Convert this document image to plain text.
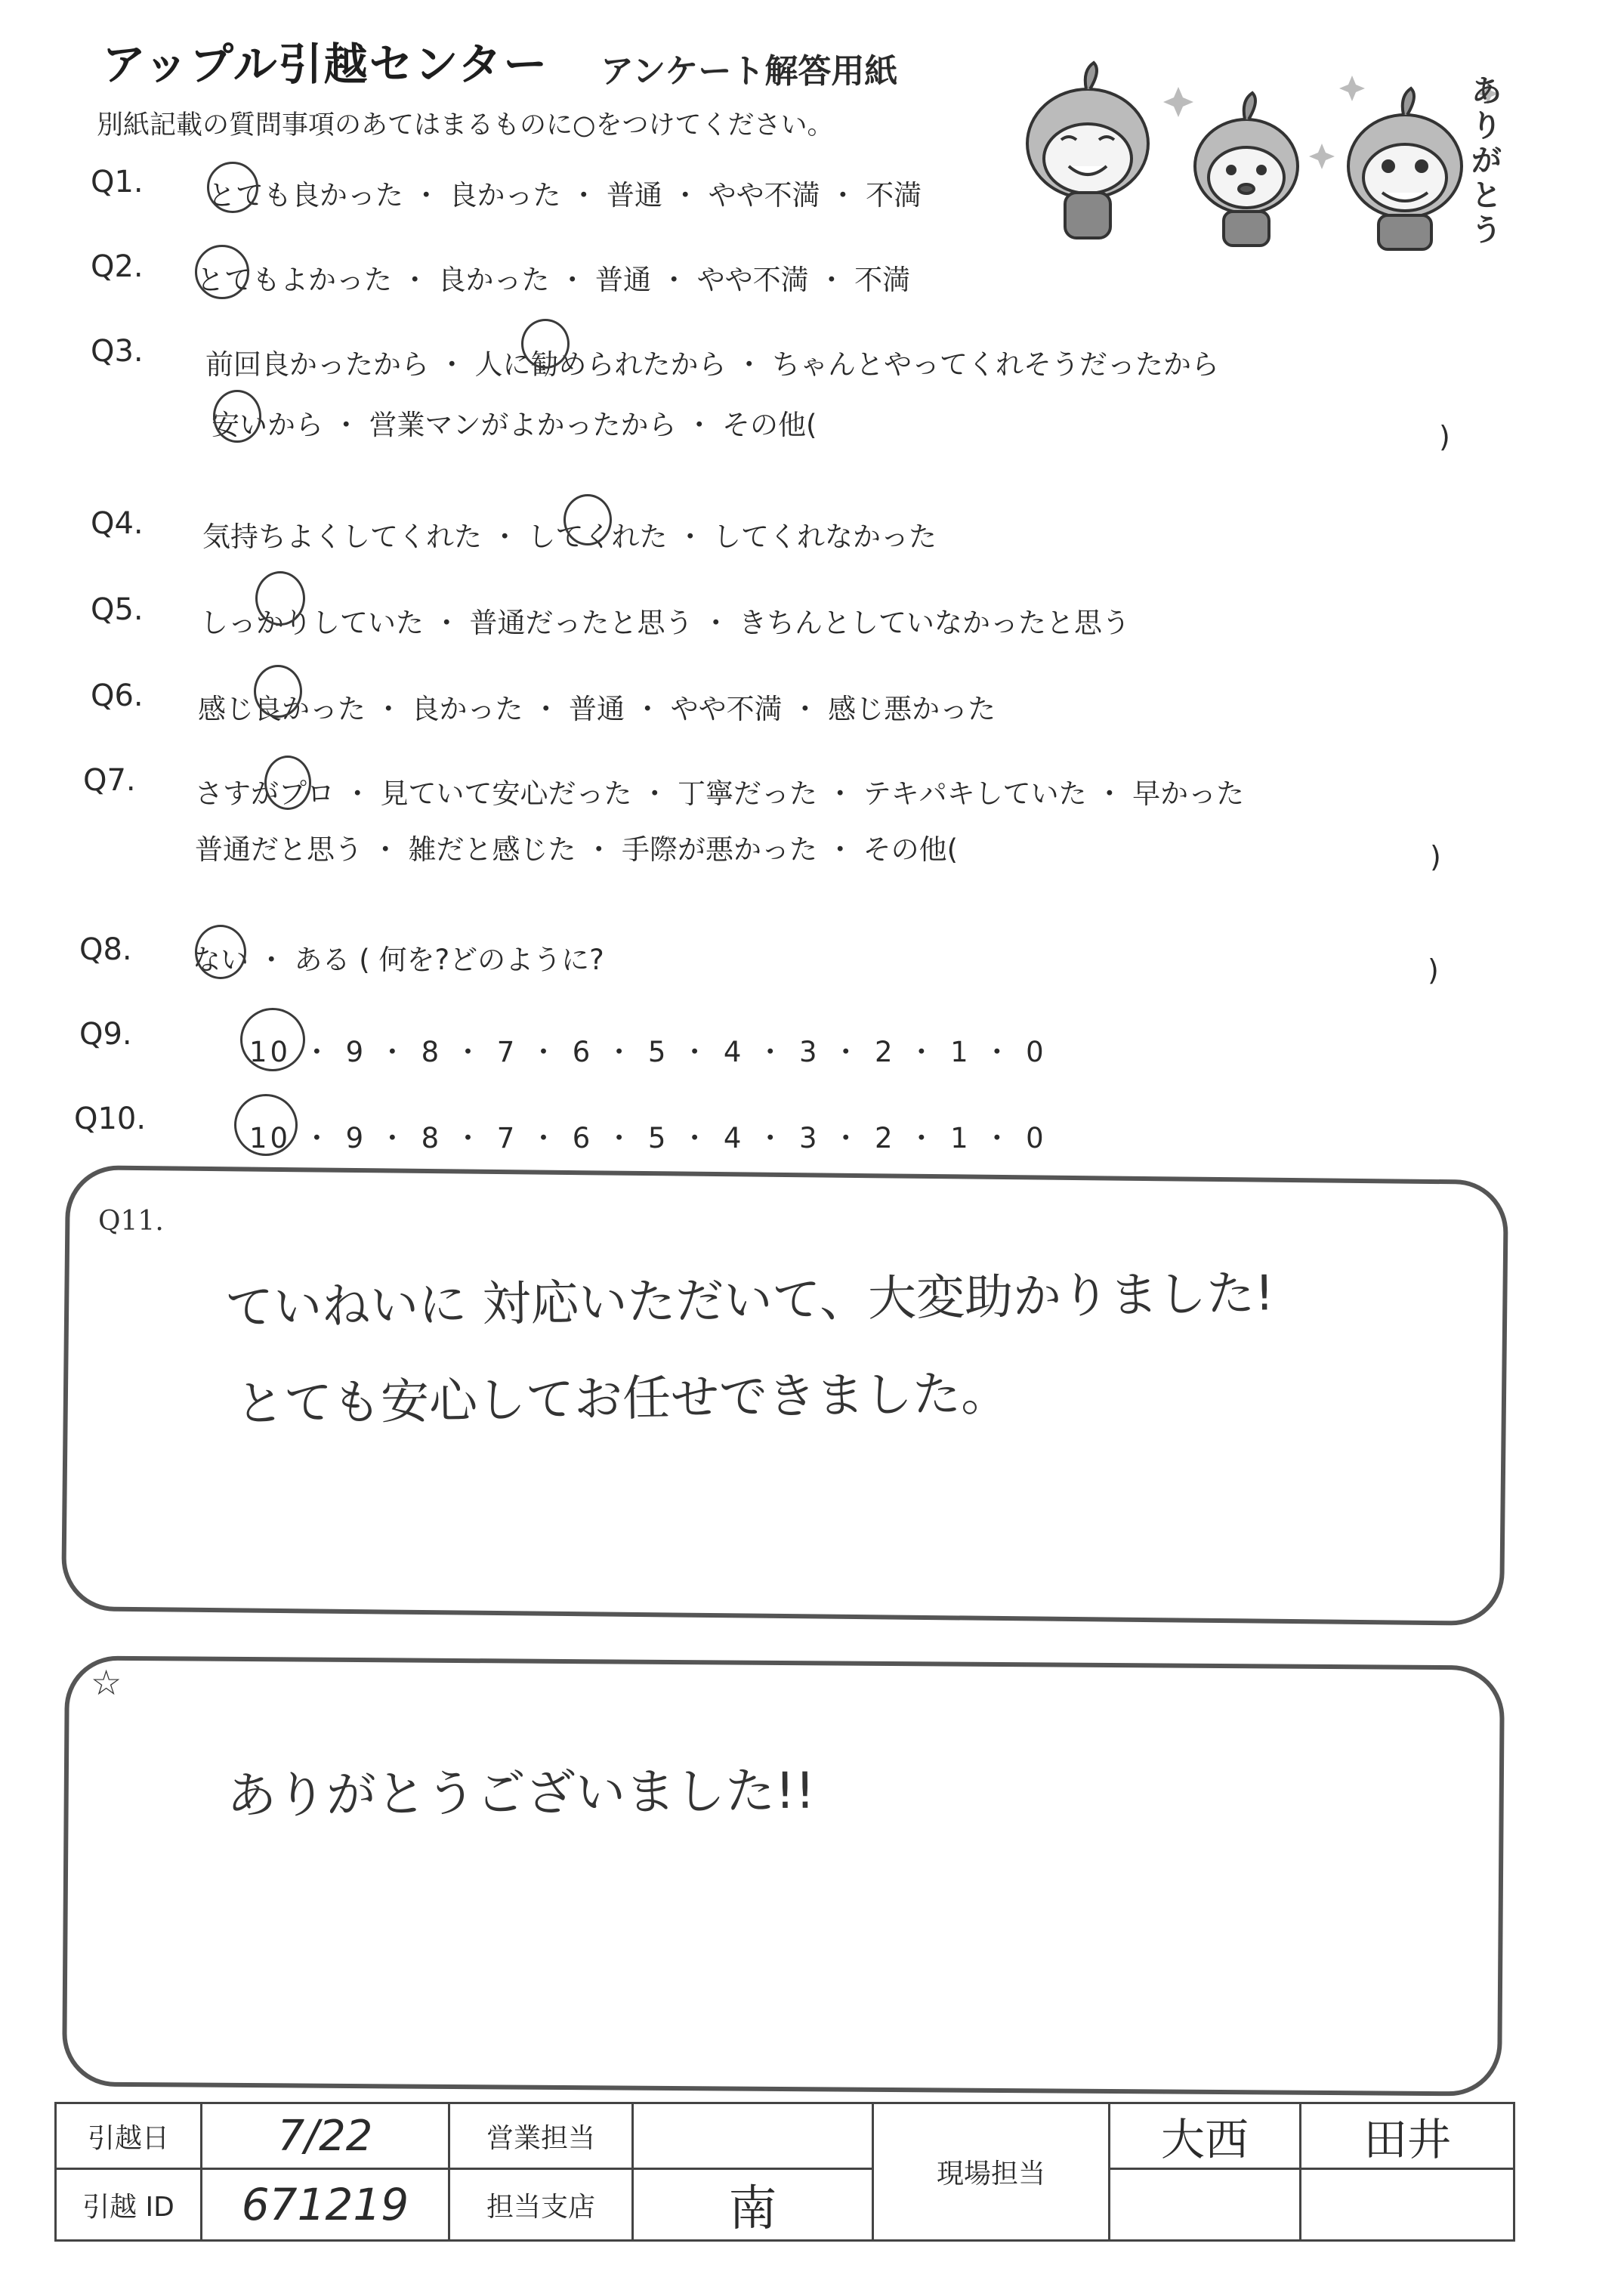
アップル引越センター アンケート解答用紙
別紙記載の質問事項のあてはまるものに○をつけてください。
ありがとう
Q1. とても良かった ・ 良かった ・ 普通 ・ やや不満 ・ 不満
Q2. とてもよかった ・ 良かった ・ 普通 ・ やや不満 ・ 不満
Q3. 前回良かったから ・ 人に勧められたから ・ ちゃんとやってくれそうだったから
安いから ・ 営業マンがよかったから ・ その他(	)
Q4. 気持ちよくしてくれた ・ してくれた ・ してくれなかった
Q5. しっかりしていた ・ 普通だったと思う ・ きちんとしていなかったと思う
Q6. 感じ良かった ・ 良かった ・ 普通 ・ やや不満 ・ 感じ悪かった
Q7. さすがプロ ・ 見ていて安心だった ・ 丁寧だった ・ テキパキしていた ・ 早かった
普通だと思う ・ 雑だと感じた ・ 手際が悪かった ・ その他(	)
Q8. ない ・ ある ( 何を?どのように?	)
Q9.
10 ・ 9 ・ 8 ・ 7 ・ 6 ・ 5 ・ 4 ・ 3 ・ 2 ・ 1 ・ 0
Q10.
10 ・ 9 ・ 8 ・ 7 ・ 6 ・ 5 ・ 4 ・ 3 ・ 2 ・ 1 ・ 0
Q11.
ていねいに 対応いただいて、大変助かりました!
とても安心してお任せできました。
☆
ありがとうございました!!
引越日	7/22	営業担当		現場担当	大西	田井
引越 ID	671219	担当支店	南			
